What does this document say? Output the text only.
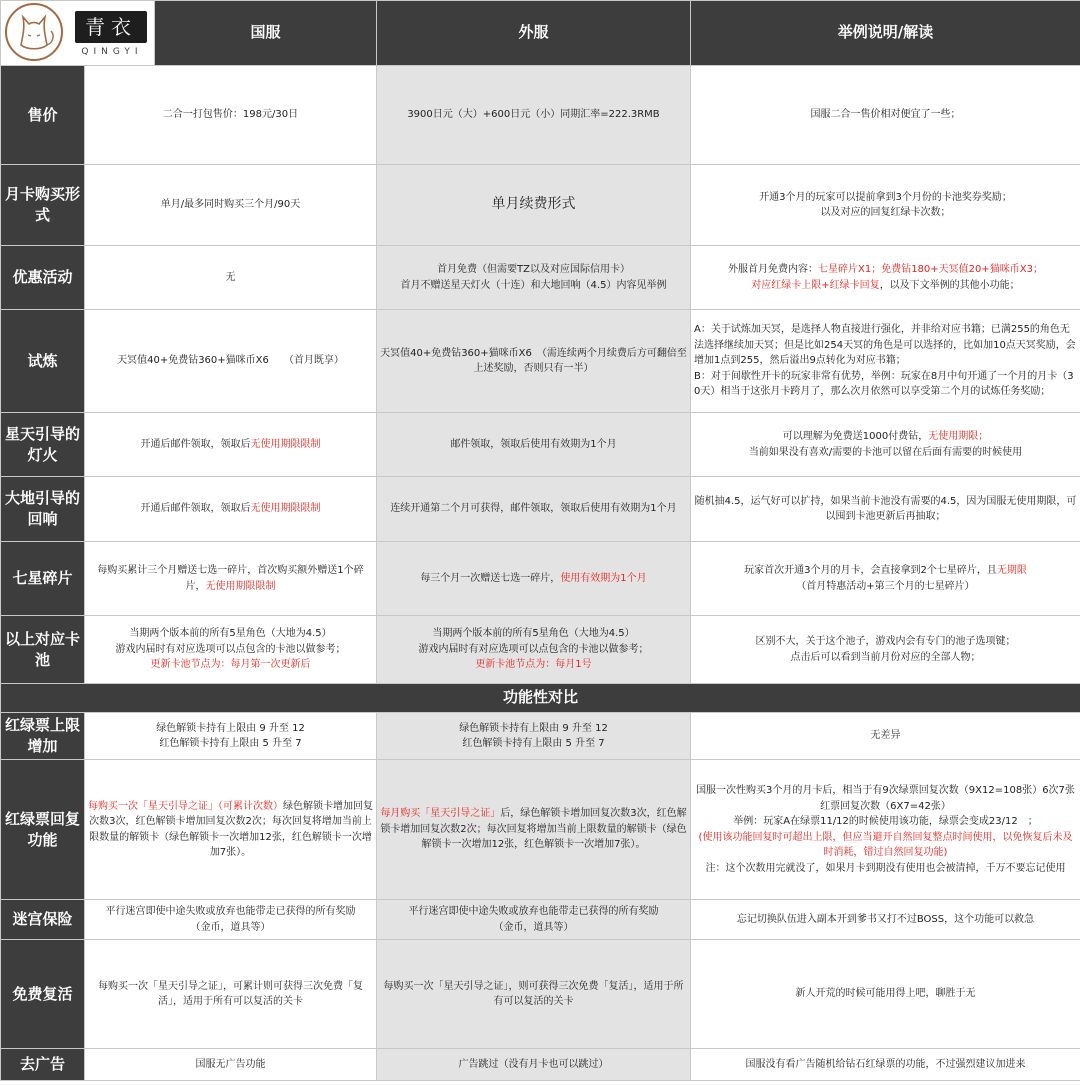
青衣
QINGYI		国服	外服	举例说明/解读
售价	二合一打包售价：198元/30日		3900日元（大）+600日元（小）同期汇率=222.3RMB	国服二合一售价相对便宜了一些；

月卡购买形式	单月/最多同时购买三个月/90天		单月续费形式	开通3个月的玩家可以提前拿到3个月份的卡池奖券奖励；
以及对应的回复红绿卡次数；

优惠活动	无		首月免费（但需要TZ以及对应国际信用卡）
首月不赠送星天灯火（十连）和大地回响（4.5）内容见举例	外服首月免费内容：七星碎片X1；免费钻180+天冥值20+猫咪币X3；
对应红绿卡上限+红绿卡回复，以及下文举例的其他小功能；

试炼	天冥值40+免费钻360+猫咪币X6　　（首月既享）		天冥值40+免费钻360+猫咪币X6　（需连续两个月续费后方可翻倍至上述奖励，否则只有一半）	A：关于试炼加天冥，是选择人物直接进行强化，并非给对应书籍；已满255的角色无法选择继续加天冥；但是比如254天冥的角色是可以选择的，比如加10点天冥奖励，会增加1点到255，然后溢出9点转化为对应书籍；
B：对于间歇性开卡的玩家非常有优势，举例：玩家在8月中旬开通了一个月的月卡（30天）相当于这张月卡跨月了，那么次月依然可以享受第二个月的试炼任务奖励；

星天引导的灯火	开通后邮件领取，领取后无使用期限限制		邮件领取，领取后使用有效期为1个月	可以理解为免费送1000付费钻，无使用期限；
当前如果没有喜欢/需要的卡池可以留在后面有需要的时候使用

大地引导的回响	开通后邮件领取，领取后无使用期限限制		连续开通第二个月可获得，邮件领取，领取后使用有效期为1个月	随机抽4.5，运气好可以扩持，如果当前卡池没有需要的4.5，因为国服无使用期限，可以囤到卡池更新后再抽取；

七星碎片	每购买累计三个月赠送七选一碎片，首次购买额外赠送1个碎片，无使用期限限制		每三个月一次赠送七选一碎片，使用有效期为1个月	玩家首次开通3个月的月卡，会直接拿到2个七星碎片，且无期限
（首月特惠活动+第三个月的七星碎片）

以上对应卡池	当期两个版本前的所有5星角色（大地为4.5）
游戏内届时有对应选项可以点包含的卡池以做参考；
更新卡池节点为：每月第一次更新后		当期两个版本前的所有5星角色（大地为4.5）
游戏内届时有对应选项可以点包含的卡池以做参考；
更新卡池节点为：每月1号	区别不大，关于这个池子，游戏内会有专门的池子选项键；
点击后可以看到当前月份对应的全部人物；

功能性对比				
红绿票上限增加	绿色解锁卡持有上限由 9 升至 12
红色解锁卡持有上限由 5 升至 7		绿色解锁卡持有上限由 9 升至 12
红色解锁卡持有上限由 5 升至 7	无差异

红绿票回复功能	每购买一次「星天引导之证」（可累计次数）绿色解锁卡增加回复次数3次，红色解锁卡增加回复次数2次；每次回复将增加当前上限数量的解锁卡（绿色解锁卡一次增加12张，红色解锁卡一次增加7张）。		每月购买「星天引导之证」后，绿色解锁卡增加回复次数3次，红色解锁卡增加回复次数2次；每次回复将增加当前上限数量的解锁卡（绿色解锁卡一次增加12张，红色解锁卡一次增加7张）。	国服一次性购买3个月的月卡后，相当于有9次绿票回复次数（9X12=108张）6次7张红票回复次数（6X7=42张）
举例：玩家A在绿票11/12的时候使用该功能，绿票会变成23/12　；
(使用该功能回复时可超出上限，但应当避开自然回复整点时间使用，以免恢复后未及时消耗，错过自然回复功能)
注：这个次数用完就没了，如果月卡到期没有使用也会被清掉，千万不要忘记使用

迷宫保险	平行迷宫即使中途失败或放弃也能带走已获得的所有奖励
（金币，道具等）		平行迷宫即使中途失败或放弃也能带走已获得的所有奖励
（金币，道具等）	忘记切换队伍进入副本开到爹书又打不过BOSS，这个功能可以救急

免费复活	每购买一次「星天引导之证」，可累计则可获得三次免费「复活」，适用于所有可以复活的关卡		每购买一次「星天引导之证」，则可获得三次免费「复活」，适用于所有可以复活的关卡	新人开荒的时候可能用得上吧，聊胜于无

去广告	国服无广告功能		广告跳过（没有月卡也可以跳过）	国服没有看广告随机给钻石红绿票的功能，不过强烈建议加进来
